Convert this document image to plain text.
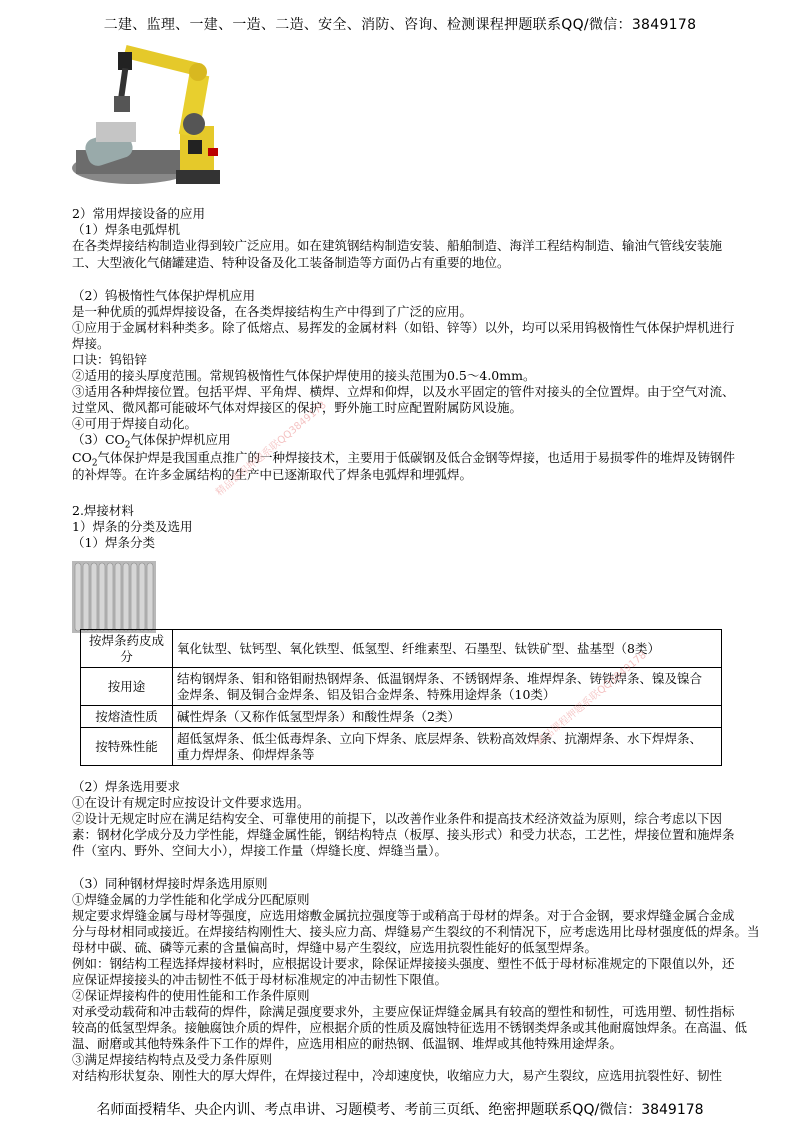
二建、监理、一建、一造、二造、安全、消防、咨询、检测课程押题联系QQ/微信：3849178
2）常用焊接设备的应用
（1）焊条电弧焊机
在各类焊接结构制造业得到较广泛应用。如在建筑钢结构制造安装、船舶制造、海洋工程结构制造、输油气管线安装施
工、大型液化气储罐建造、特种设备及化工装备制造等方面仍占有重要的地位。
（2）钨极惰性气体保护焊机应用
是一种优质的弧焊焊接设备，在各类焊接结构生产中得到了广泛的应用。
①应用于金属材料种类多。除了低熔点、易挥发的金属材料（如铅、锌等）以外，均可以采用钨极惰性气体保护焊机进行
焊接。
口诀：钨铅锌
②适用的接头厚度范围。常规钨极惰性气体保护焊使用的接头范围为0.5～4.0mm。
③适用各种焊接位置。包括平焊、平角焊、横焊、立焊和仰焊，以及水平固定的管件对接头的全位置焊。由于空气对流、
过堂风、微风都可能破坏气体对焊接区的保护，野外施工时应配置附属防风设施。
④可用于焊接自动化。
$(3)CO_2$气体保护焊机应用
$CO_2$气体保护焊是我国重点推广的一种焊接技术，主要用于低碳钢及低合金钢等焊接，也适用于易损零件的堆焊及铸钢件
的补焊等。在许多金属结构的生产中已逐渐取代了焊条电弧焊和埋弧焊。
2.焊接材料
1）焊条的分类及选用
（1）焊条分类
按焊条药皮成
分	氧化钛型、钛钙型、氧化铁型、低氢型、纤维素型、石墨型、钛铁矿型、盐基型（8类）
按用途	结构钢焊条、钼和铬钼耐热钢焊条、低温钢焊条、不锈钢焊条、堆焊焊条、铸铁焊条、镍及镍合
金焊条、铜及铜合金焊条、铝及铝合金焊条、特殊用途焊条（10类）

按熔渣性质	碱性焊条（又称作低氢型焊条）和酸性焊条（2类）
按特殊性能	超低氢焊条、低尘低毒焊条、立向下焊条、底层焊条、铁粉高效焊条、抗潮焊条、水下焊焊条、
重力焊焊条、仰焊焊条等
（2）焊条选用要求
①在设计有规定时应按设计文件要求选用。
②设计无规定时应在满足结构安全、可靠使用的前提下，以改善作业条件和提高技术经济效益为原则，综合考虑以下因
素：钢材化学成分及力学性能，焊缝金属性能，钢结构特点（板厚、接头形式）和受力状态，工艺性，焊接位置和施焊条
件（室内、野外、空间大小），焊接工作量（焊缝长度、焊缝当量）。
（3）同种钢材焊接时焊条选用原则
①焊缝金属的力学性能和化学成分匹配原则
规定要求焊缝金属与母材等强度，应选用熔敷金属抗拉强度等于或稍高于母材的焊条。对于合金钢，要求焊缝金属合金成
分与母材相同或接近。在焊接结构刚性大、接头应力高、焊缝易产生裂纹的不利情况下，应考虑选用比母材强度低的焊条。当
母材中碳、硫、磷等元素的含量偏高时，焊缝中易产生裂纹，应选用抗裂性能好的低氢型焊条。
例如：钢结构工程选择焊接材料时，应根据设计要求，除保证焊接接头强度、塑性不低于母材标准规定的下限值以外，还
应保证焊接接头的冲击韧性不低于母材标准规定的冲击韧性下限值。
②保证焊接构件的使用性能和工作条件原则
对承受动载荷和冲击载荷的焊件，除满足强度要求外，主要应保证焊缝金属具有较高的塑性和韧性，可选用塑、韧性指标
较高的低氢型焊条。接触腐蚀介质的焊件，应根据介质的性质及腐蚀特征选用不锈钢类焊条或其他耐腐蚀焊条。在高温、低
温、耐磨或其他特殊条件下工作的焊件，应选用相应的耐热钢、低温钢、堆焊或其他特殊用途焊条。
③满足焊接结构特点及受力条件原则
对结构形状复杂、刚性大的厚大焊件，在焊接过程中，冷却速度快，收缩应力大，易产生裂纹，应选用抗裂性好、韧性
精品课程押题系联QQ3849178
精品课程押题系联QQ3849178
名师面授精华、央企内训、考点串讲、习题模考、考前三页纸、绝密押题联系QQ/微信：3849178
